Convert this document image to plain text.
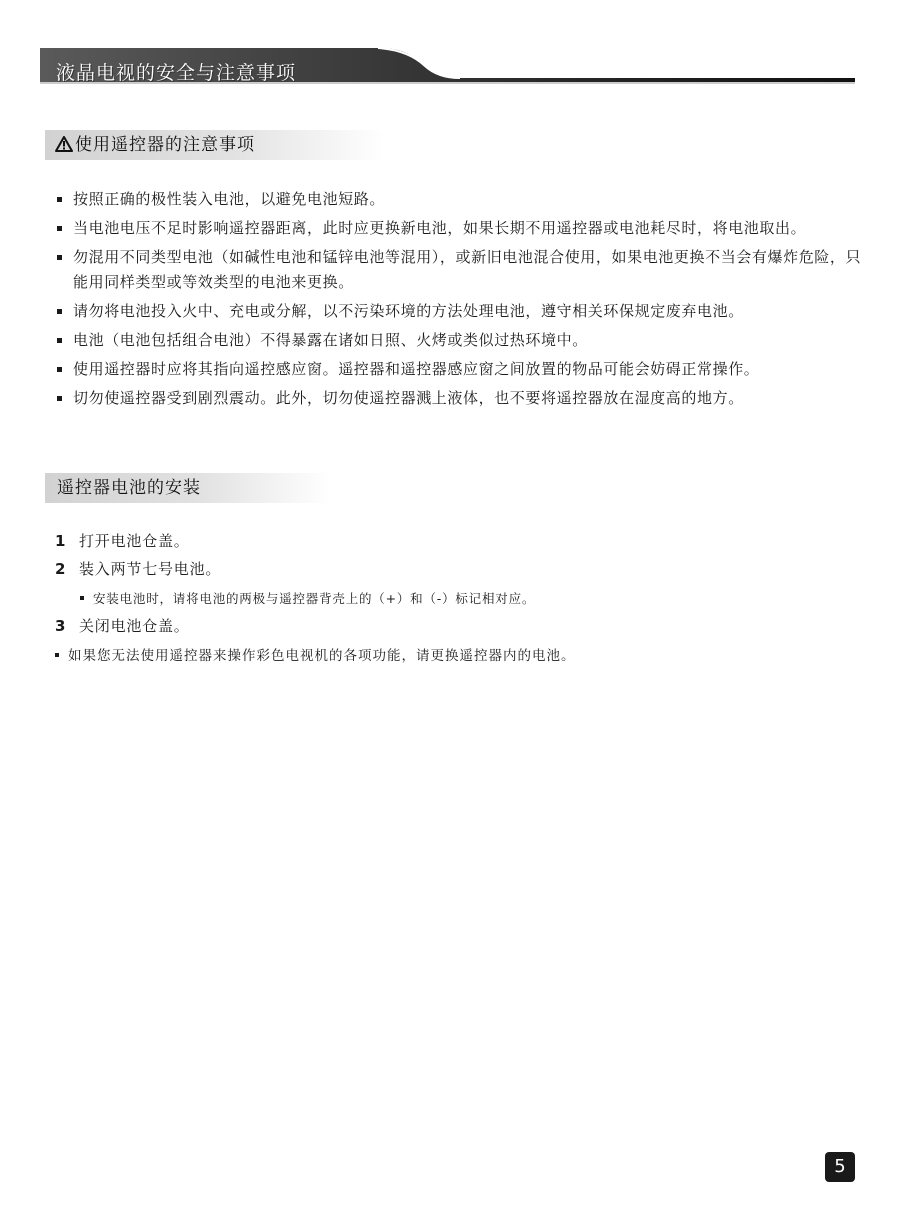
液晶电视的安全与注意事项
使用遥控器的注意事项
按照正确的极性装入电池，以避免电池短路。
当电池电压不足时影响遥控器距离，此时应更换新电池，如果长期不用遥控器或电池耗尽时，将电池取出。
勿混用不同类型电池（如碱性电池和锰锌电池等混用），或新旧电池混合使用，如果电池更换不当会有爆炸危险，只能用同样类型或等效类型的电池来更换。
请勿将电池投入火中、充电或分解，以不污染环境的方法处理电池，遵守相关环保规定废弃电池。
电池（电池包括组合电池）不得暴露在诸如日照、火烤或类似过热环境中。
使用遥控器时应将其指向遥控感应窗。遥控器和遥控器感应窗之间放置的物品可能会妨碍正常操作。
切勿使遥控器受到剧烈震动。此外，切勿使遥控器溅上液体，也不要将遥控器放在湿度高的地方。
遥控器电池的安装
1 打开电池仓盖。
2 装入两节七号电池。
安装电池时，请将电池的两极与遥控器背壳上的（+）和（-）标记相对应。
3 关闭电池仓盖。
如果您无法使用遥控器来操作彩色电视机的各项功能，请更换遥控器内的电池。
5
